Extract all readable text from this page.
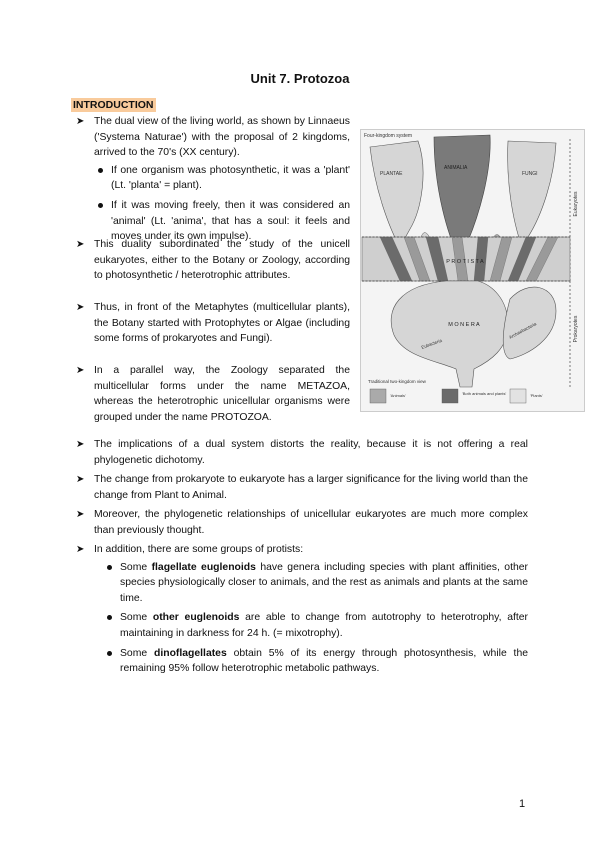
Unit 7. Protozoa
INTRODUCTION
➤ The dual view of the living world, as shown by Linnaeus ('Systema Naturae') with the proposal of 2 kingdoms, arrived to the 70's (XX century).
If one organism was photosynthetic, it was a 'plant' (Lt. 'planta' = plant).
If it was moving freely, then it was considered an 'animal' (Lt. 'anima', that has a soul: it feels and moves under its own impulse).
➤ This duality subordinated the study of the unicell eukaryotes, either to the Botany or Zoology, according to photosynthetic / heterotrophic attributes.
➤ Thus, in front of the Metaphytes (multicellular plants), the Botany started with Protophytes or Algae (including some forms of prokaryotes and Fungi).
➤ In a parallel way, the Zoology separated the multicellular forms under the name METAZOA, whereas the heterotrophic unicellular organisms were grouped under the name PROTOZOA.
➤ The implications of a dual system distorts the reality, because it is not offering a real phylogenetic dichotomy.
➤ The change from prokaryote to eukaryote has a larger significance for the living world than the change from Plant to Animal.
➤ Moreover, the phylogenetic relationships of unicellular eukaryotes are much more complex than previously thought.
➤ In addition, there are some groups of protists:
Some flagellate euglenoids have genera including species with plant affinities, other species physiologically closer to animals, and the rest as animals and plants at the same time.
Some other euglenoids are able to change from autotrophy to heterotrophy, after maintaining in darkness for 24 h. (= mixotrophy).
Some dinoflagellates obtain 5% of its energy through photosynthesis, while the remaining 95% follow heterotrophic metabolic pathways.
Four-kingdom system
Eukaryotes
Prokaryotes
PLANTAE
ANIMALIA
FUNGI
P R O T I S T A
M O N E R A
Eubacteria
Archaebacteria
Traditional two-kingdom view
'Animals'	'Both animals and plants'	'Plants'
1
